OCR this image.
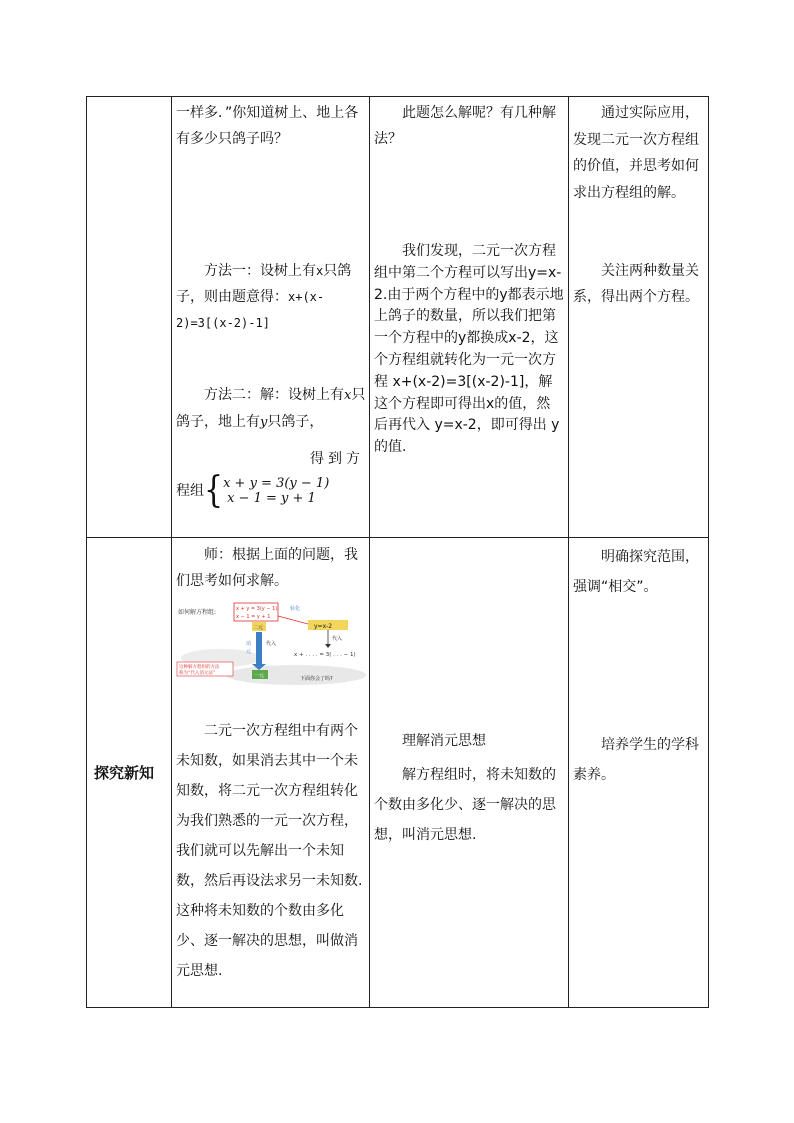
一样多．”你知道树上、地上各有多少只鸽子吗？
方法一：设树上有x只鸽子，则由题意得：x+(x-2)=3[(x-2)-1]
方法二：解：设树上有x只鸽子，地上有y只鸽子，
得到方
程组{x + y = 3(y − 1)
x − 1 = y + 1
此题怎么解呢？有几种解法？
我们发现，二元一次方程组中第二个方程可以写出y=x-2.由于两个方程中的y都表示地上鸽子的数量，所以我们把第一个方程中的y都换成x-2，这个方程组就转化为一元一次方程 x+(x-2)=3[(x-2)-1]，解这个方程即可得出x的值，然后再代入 y=x-2，即可得出 y 的值.
通过实际应用，发现二元一次方程组的价值，并思考如何求出方程组的解。
关注两种数量关系，得出两个方程。
探究新知
师：根据上面的问题，我们思考如何求解。
如何解方程组:	x + y = 3(y − 1)
x − 1 = y + 1
转化
y=x-2
二元
消
元
代入
一元
代入
x + . . . . = 3( . . . − 1)
这种解方程组的方法
称为“代入消元法”
下面你会了吗?
二元一次方程组中有两个未知数，如果消去其中一个未知数，将二元一次方程组转化为我们熟悉的一元一次方程，我们就可以先解出一个未知数，然后再设法求另一未知数.这种将未知数的个数由多化少、逐一解决的思想，叫做消元思想.
理解消元思想
解方程组时，将未知数的个数由多化少、逐一解决的思想，叫消元思想.
明确探究范围，强调“相交”。
培养学生的学科素养。
